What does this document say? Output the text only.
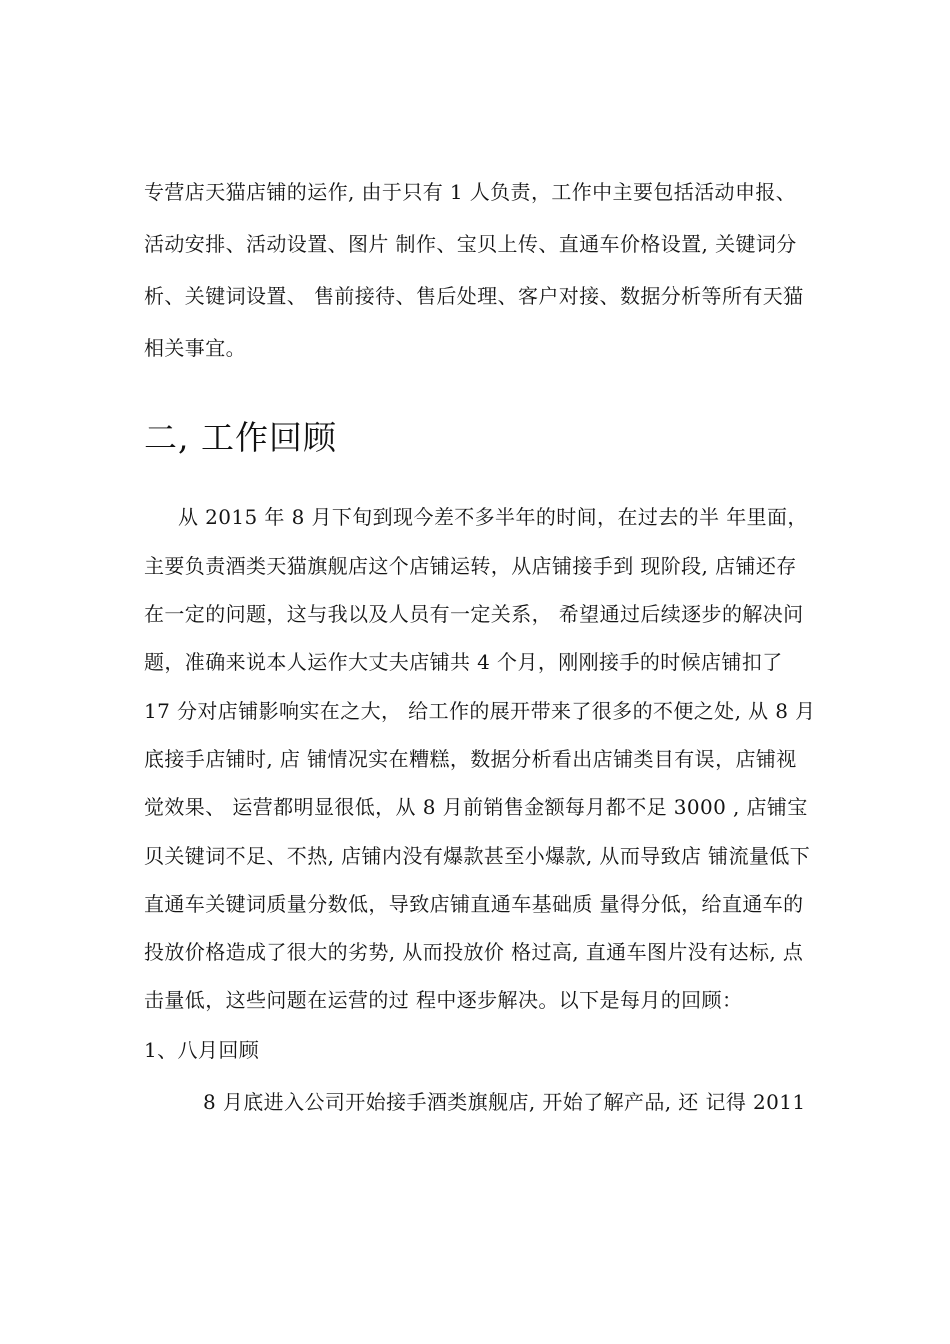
专营店天猫店铺的运作, 由于只有 1 人负责，工作中主要包括活动申报、
活动安排、活动设置、图片 制作、宝贝上传、直通车价格设置, 关键词分
析、关键词设置、 售前接待、售后处理、客户对接、数据分析等所有天猫
相关事宜。
二, 工作回顾
从 2015 年 8 月下旬到现今差不多半年的时间，在过去的半 年里面，
主要负责酒类天猫旗舰店这个店铺运转，从店铺接手到 现阶段, 店铺还存
在一定的问题，这与我以及人员有一定关系， 希望通过后续逐步的解决问
题，准确来说本人运作大丈夫店铺共 4 个月，刚刚接手的时候店铺扣了
17 分对店铺影响实在之大， 给工作的展开带来了很多的不便之处, 从 8 月
底接手店铺时, 店 铺情况实在糟糕，数据分析看出店铺类目有误，店铺视
觉效果、 运营都明显很低，从 8 月前销售金额每月都不足 3000 , 店铺宝
贝关键词不足、不热, 店铺内没有爆款甚至小爆款, 从而导致店 铺流量低下
直通车关键词质量分数低，导致店铺直通车基础质 量得分低，给直通车的
投放价格造成了很大的劣势, 从而投放价 格过高, 直通车图片没有达标, 点
击量低，这些问题在运营的过 程中逐步解决。以下是每月的回顾：
1、八月回顾
8 月底进入公司开始接手酒类旗舰店, 开始了解产品, 还 记得 2011
